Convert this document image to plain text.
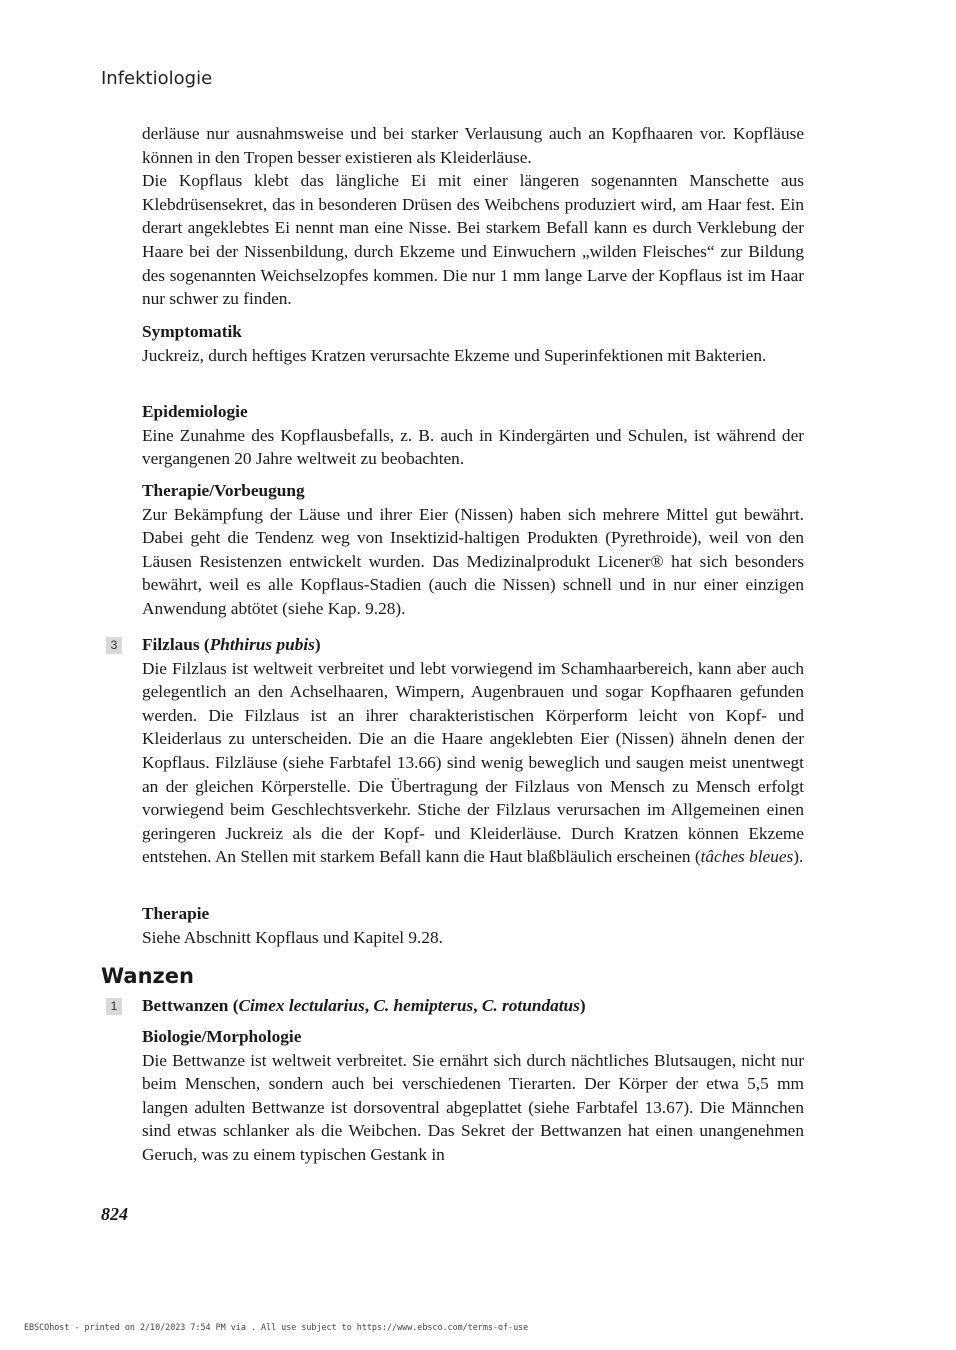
Infektiologie

derläuse nur ausnahmsweise und bei starker Verlausung auch an Kopfhaaren vor. Kopfläuse können in den Tropen besser existieren als Kleiderläuse.

Die Kopflaus klebt das längliche Ei mit einer längeren sogenannten Manschette aus Klebdrüsensekret, das in besonderen Drüsen des Weibchens produziert wird, am Haar fest. Ein derart angeklebtes Ei nennt man eine Nisse. Bei starkem Befall kann es durch Verklebung der Haare bei der Nissenbildung, durch Ekzeme und Einwuchern „wilden Fleisches“ zur Bildung des sogenannten Weichselzopfes kommen. Die nur 1 mm lange Larve der Kopflaus ist im Haar nur schwer zu finden.

Symptomatik

Juckreiz, durch heftiges Kratzen verursachte Ekzeme und Superinfektionen mit Bakterien.

Epidemiologie

Eine Zunahme des Kopflausbefalls, z. B. auch in Kindergärten und Schulen, ist während der vergangenen 20 Jahre weltweit zu beobachten.

Therapie/Vorbeugung

Zur Bekämpfung der Läuse und ihrer Eier (Nissen) haben sich mehrere Mittel gut bewährt. Dabei geht die Tendenz weg von Insektizid-haltigen Produkten (Pyrethroide), weil von den Läusen Resistenzen entwickelt wurden. Das Medizinalprodukt Licener® hat sich besonders bewährt, weil es alle Kopflaus-Stadien (auch die Nissen) schnell und in nur einer einzigen Anwendung abtötet (siehe Kap. 9.28).

3 Filzlaus (Phthirus pubis)

Die Filzlaus ist weltweit verbreitet und lebt vorwiegend im Schamhaarbereich, kann aber auch gelegentlich an den Achselhaaren, Wimpern, Augenbrauen und sogar Kopfhaaren gefunden werden. Die Filzlaus ist an ihrer charakteristischen Körperform leicht von Kopf- und Kleiderlaus zu unterscheiden. Die an die Haare angeklebten Eier (Nissen) ähneln denen der Kopflaus. Filzläuse (siehe Farbtafel 13.66) sind wenig beweglich und saugen meist unentwegt an der gleichen Körperstelle. Die Übertragung der Filzlaus von Mensch zu Mensch erfolgt vorwiegend beim Geschlechtsverkehr. Stiche der Filzlaus verursachen im Allgemeinen einen geringeren Juckreiz als die der Kopf- und Kleiderläuse. Durch Kratzen können Ekzeme entstehen. An Stellen mit starkem Befall kann die Haut blaßbläulich erscheinen (tâches bleues).

Therapie

Siehe Abschnitt Kopflaus und Kapitel 9.28.

Wanzen
1 Bettwanzen (Cimex lectularius, C. hemipterus, C. rotundatus)

Biologie/Morphologie

Die Bettwanze ist weltweit verbreitet. Sie ernährt sich durch nächtliches Blutsaugen, nicht nur beim Menschen, sondern auch bei verschiedenen Tierarten. Der Körper der etwa 5,5 mm langen adulten Bettwanze ist dorsoventral abgeplattet (siehe Farbtafel 13.67). Die Männchen sind etwas schlanker als die Weibchen. Das Sekret der Bettwanzen hat einen unangenehmen Geruch, was zu einem typischen Gestank in

824
EBSCOhost - printed on 2/10/2023 7:54 PM via . All use subject to https://www.ebsco.com/terms-of-use
